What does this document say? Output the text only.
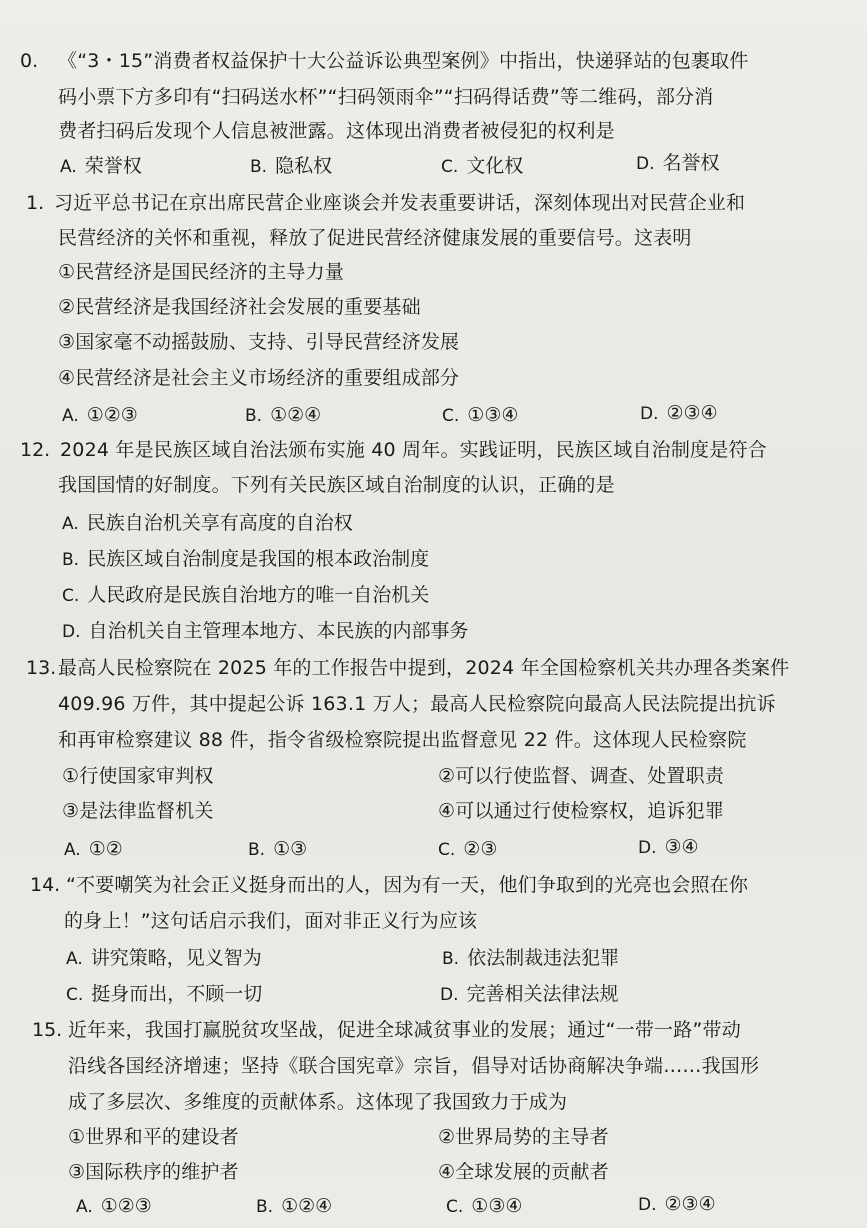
0. 《“3・15”消费者权益保护十大公益诉讼典型案例》中指出，快递驿站的包裹取件
码小票下方多印有“扫码送水杯”“扫码领雨伞”“扫码得话费”等二维码，部分消
费者扫码后发现个人信息被泄露。这体现出消费者被侵犯的权利是
A. 荣誉权	B. 隐私权	C. 文化权	D. 名誉权
1. 习近平总书记在京出席民营企业座谈会并发表重要讲话，深刻体现出对民营企业和
民营经济的关怀和重视，释放了促进民营经济健康发展的重要信号。这表明
①民营经济是国民经济的主导力量
②民营经济是我国经济社会发展的重要基础
③国家毫不动摇鼓励、支持、引导民营经济发展
④民营经济是社会主义市场经济的重要组成部分
A. ①②③	B. ①②④	C. ①③④	D. ②③④
12. 2024 年是民族区域自治法颁布实施 40 周年。实践证明，民族区域自治制度是符合
我国国情的好制度。下列有关民族区域自治制度的认识，正确的是
A. 民族自治机关享有高度的自治权
B. 民族区域自治制度是我国的根本政治制度
C. 人民政府是民族自治地方的唯一自治机关
D. 自治机关自主管理本地方、本民族的内部事务
13. 最高人民检察院在 2025 年的工作报告中提到，2024 年全国检察机关共办理各类案件
409.96 万件，其中提起公诉 163.1 万人；最高人民检察院向最高人民法院提出抗诉
和再审检察建议 88 件，指令省级检察院提出监督意见 22 件。这体现人民检察院
①行使国家审判权	②可以行使监督、调查、处置职责
③是法律监督机关	④可以通过行使检察权，追诉犯罪
A. ①②	B. ①③	C. ②③	D. ③④
14. “不要嘲笑为社会正义挺身而出的人，因为有一天，他们争取到的光亮也会照在你
的身上！”这句话启示我们，面对非正义行为应该
A. 讲究策略，见义智为	B. 依法制裁违法犯罪
C. 挺身而出，不顾一切	D. 完善相关法律法规
15. 近年来，我国打赢脱贫攻坚战，促进全球减贫事业的发展；通过“一带一路”带动
沿线各国经济增速；坚持《联合国宪章》宗旨，倡导对话协商解决争端……我国形
成了多层次、多维度的贡献体系。这体现了我国致力于成为
①世界和平的建设者	②世界局势的主导者
③国际秩序的维护者	④全球发展的贡献者
A. ①②③	B. ①②④	C. ①③④	D. ②③④
